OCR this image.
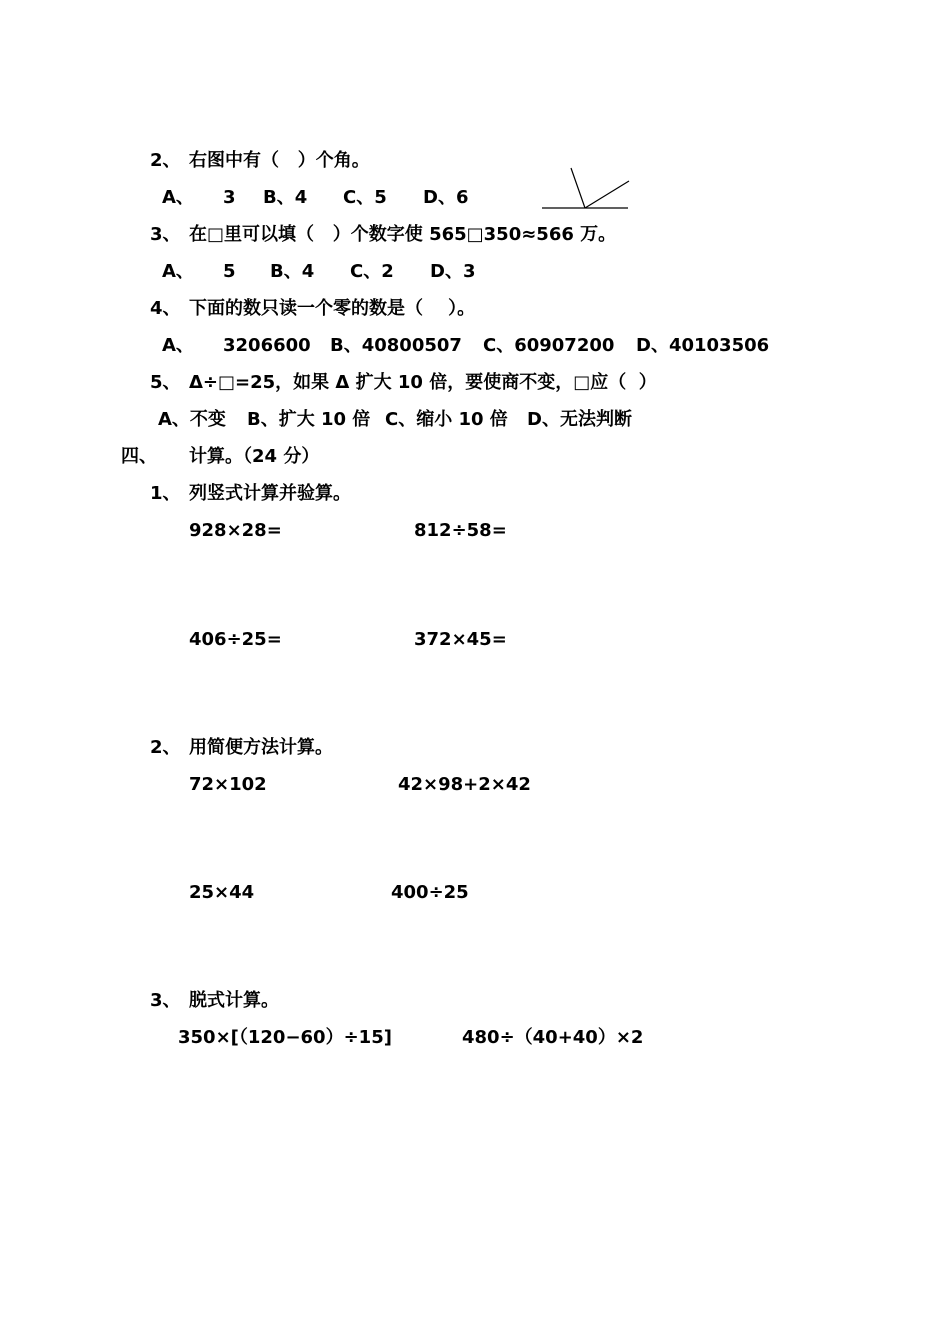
2、 右图中有（   ）个角。
A、 3 B、4 C、5 D、6
3、 在□里可以填（   ）个数字使 565□350≈566 万。
A、 5 B、4 C、2 D、3
4、 下面的数只读一个零的数是（    ）。
A、 3206600 B、40800507 C、60907200 D、40103506
5、 Δ÷□=25，如果 Δ 扩大 10 倍，要使商不变，□应（  ）
A、不变 B、扩大 10 倍 C、缩小 10 倍 D、无法判断
四、 计算。（24 分）
1、 列竖式计算并验算。
928×28=	812÷58=
406÷25=	372×45=
2、 用简便方法计算。
72×102	42×98+2×42
25×44	400÷25
3、 脱式计算。
350×[（120−60）÷15]	480÷（40+40）×2
